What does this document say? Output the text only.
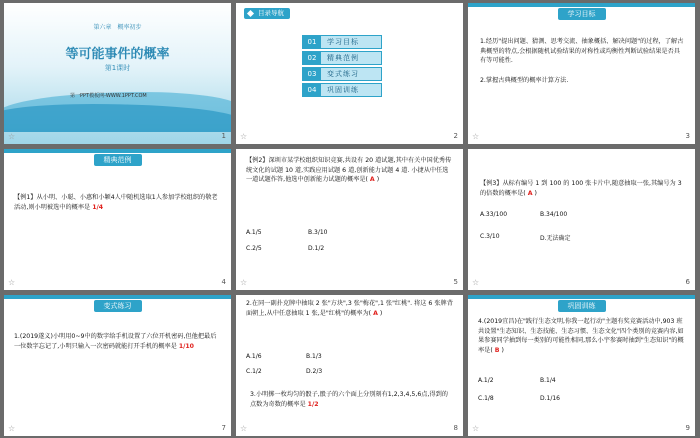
第六章　概率初步
等可能事件的概率
第1课时
第一PPT模板网-WWW.1PPT.COM
☆	1
目录导航
01	学习目标
02	精典范例
03	变式练习
04	巩固训练
☆	2
学习目标
1.经历"提出问题、猜测、思考交流、抽象概括、解决问题"的过程，了解古典概型的特点,会根据随机试验结果的对称性或均衡性判断试验结果是否具有等可能性.
2.掌握古典概型的概率计算方法.
☆	3
精典范例
【例1】从小明、小聪、小惠和小颖4人中随机选取1人参加学校组织的敬老活动,则小明被选中的概率是 1/4
☆	4
【例2】深圳市某学校组织知识竞赛,共设有 20 道试题,其中有关中国优秀传统文化的试题 10 道,实践应用试题 6 道,创新能力试题 4 道. 小捷从中任选一道试题作答,他选中创新能力试题的概率是( A )
A.1/5	B.3/10
C.2/5	D.1/2
☆	5
【例3】从标有编号 1 到 100 的 100 张卡片中,随意抽取一张,其编号为 3 的倍数的概率是( A )
A.33/100	B.34/100
C.3/10	D.无法确定
☆	6
变式练习
1.(2019遂义)小明用0~9中的数字给手机设置了六位开机密码,但他把最后一位数字忘记了,小明只输入一次密码就能打开手机的概率是 1/10
☆	7
2.在同一副扑克牌中抽取 2 张"方块",3 张"梅花",1 张"红桃". 将这 6 张牌背面朝上,从中任意抽取 1 张,是"红桃"的概率为( A )
A.1/6	B.1/3
C.1/2	D.2/3
3.小明掷一枚均匀的骰子,骰子的六个面上分别刻有1,2,3,4,5,6点,得到的点数为奇数的概率是 1/2
☆	8
巩固训练
4.(2019宜昌)在"践行生态文明,你我一起行动"主题有奖竞赛活动中,903 班共设置"生态知识、生态技能、生态习惯、生态文化"四个类别的竞赛内容,如果参赛同学抽到每一类别的可能性相同,那么小宇参赛时抽到"生态知识"的概率是( B )
A.1/2	B.1/4
C.1/8	D.1/16
☆	9
